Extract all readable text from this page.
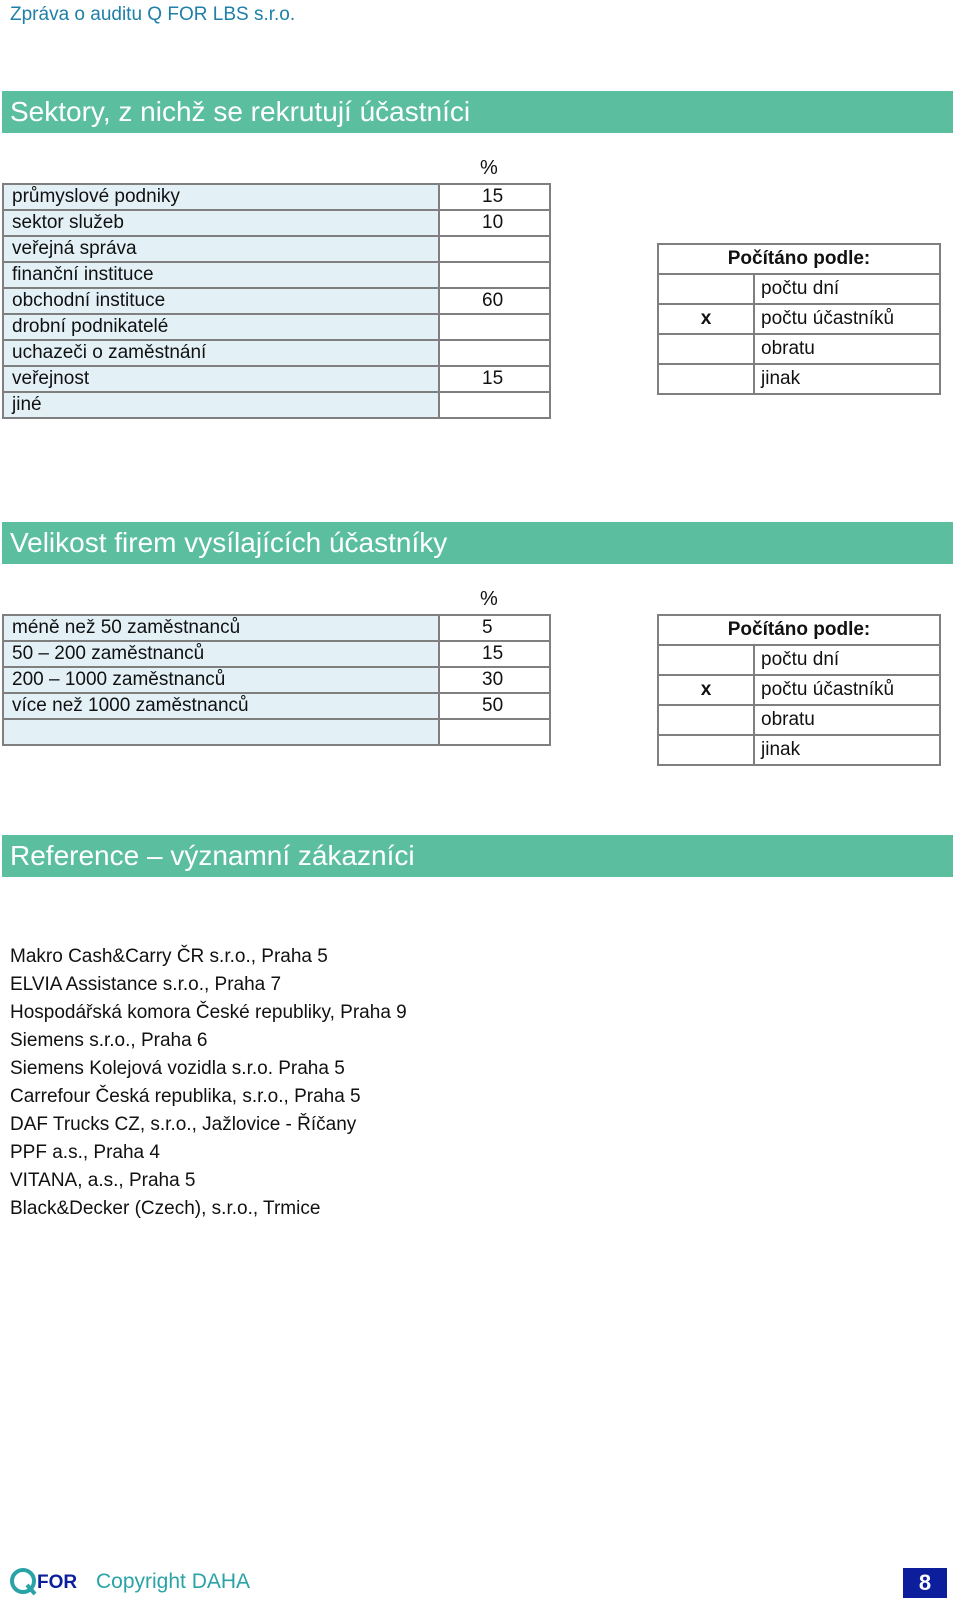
Zpráva o auditu Q FOR LBS s.r.o.
Sektory, z nichž se rekrutují účastníci
%
průmyslové podniky	15
sektor služeb	10
veřejná správa	
finanční instituce	
obchodní instituce	60
drobní podnikatelé	
uchazeči o zaměstnání	
veřejnost	15
jiné	
Počítáno podle:	
	počtu dní
x	počtu účastníků
	obratu
	jinak
Velikost firem vysílajících účastníky
%
méně než 50 zaměstnanců	5
50 – 200 zaměstnanců	15
200 – 1000 zaměstnanců	30
více než 1000 zaměstnanců	50

Počítáno podle:	
	počtu dní
x	počtu účastníků
	obratu
	jinak
Reference – významní zákazníci
Makro Cash&Carry ČR s.r.o., Praha 5
ELVIA Assistance s.r.o., Praha 7
Hospodářská komora České republiky, Praha 9
Siemens s.r.o., Praha 6
Siemens Kolejová vozidla s.r.o. Praha 5
Carrefour Česká republika, s.r.o., Praha 5
DAF Trucks CZ, s.r.o., Jažlovice - Říčany
PPF a.s., Praha 4
VITANA, a.s., Praha 5
Black&Decker (Czech), s.r.o., Trmice
FOR Copyright DAHA	8
